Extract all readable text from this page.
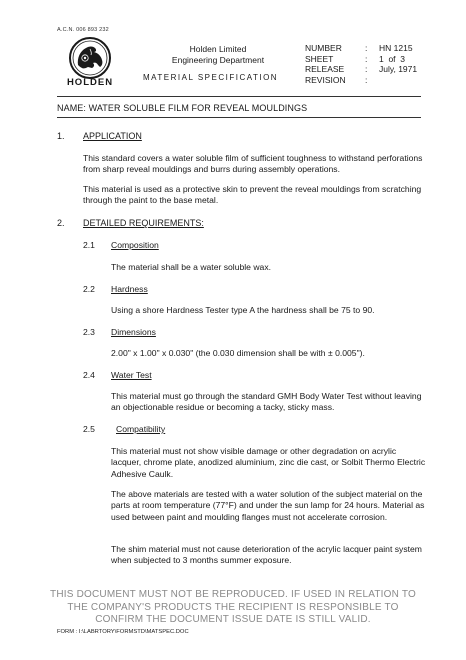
A.C.N. 006 893 232
HOLDEN
Holden Limited
Engineering Department
MATERIAL SPECIFICATION
NUMBER	:	HN 1215
SHEET	:	1  of  3
RELEASE	:	July, 1971
REVISION	:
NAME: WATER SOLUBLE FILM FOR REVEAL MOULDINGS
1. APPLICATION
This standard covers a water soluble film of sufficient toughness to withstand perforations from sharp reveal mouldings and burrs during assembly operations.
This material is used as a protective skin to prevent the reveal mouldings from scratching through the paint to the base metal.
2. DETAILED REQUIREMENTS:
2.1 Composition
The material shall be a water soluble wax.
2.2 Hardness
Using a shore Hardness Tester type A the hardness shall be 75 to 90.
2.3 Dimensions
2.00" x 1.00" x 0.030" (the 0.030 dimension shall be with ± 0.005").
2.4 Water Test
This material must go through the standard GMH Body Water Test without leaving an objectionable residue or becoming a tacky, sticky mass.
2.5 Compatibility
This material must not show visible damage or other degradation on acrylic lacquer, chrome plate, anodized aluminium, zinc die cast, or Solbit Thermo Electric Adhesive Caulk.
The above materials are tested with a water solution of the subject material on the parts at room temperature (77°F) and under the sun lamp for 24 hours. Material as used between paint and moulding flanges must not accelerate corrosion.
The shim material must not cause deterioration of the acrylic lacquer paint system when subjected to 3 months summer exposure.
THIS DOCUMENT MUST NOT BE REPRODUCED. IF USED IN RELATION TO
THE COMPANY'S PRODUCTS THE RECIPIENT IS RESPONSIBLE TO
CONFIRM THE DOCUMENT ISSUE DATE IS STILL VALID.
FORM : I:\LABRTORY\FORMSTD\MATSPEC.DOC
